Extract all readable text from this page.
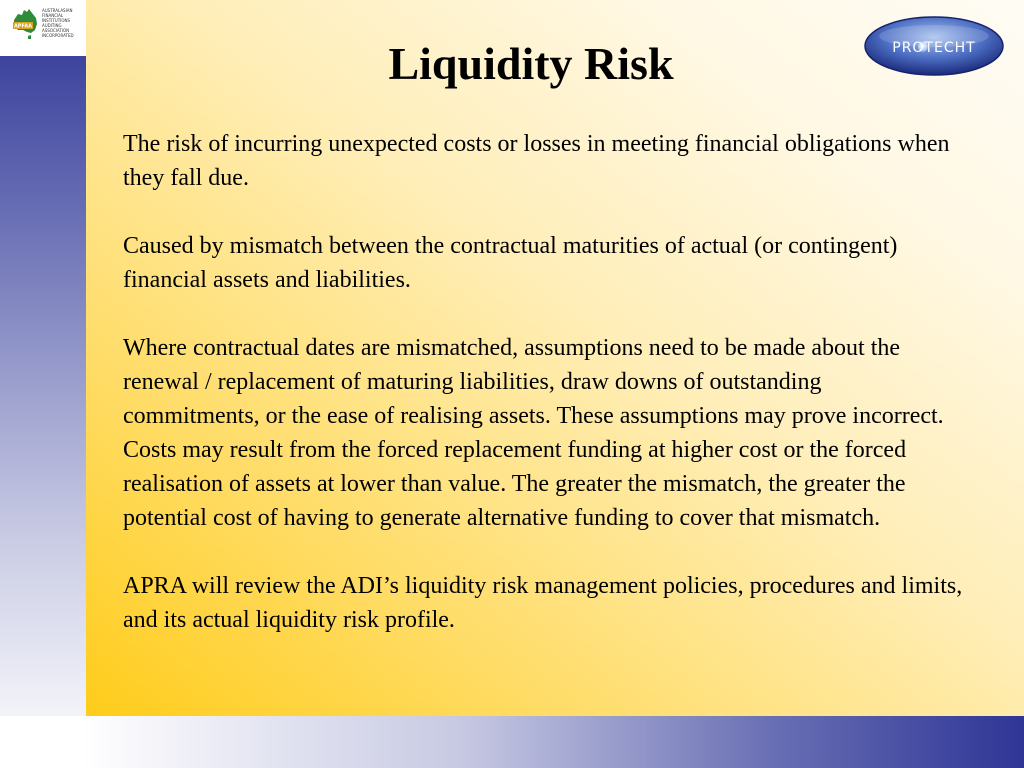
APFAA
AUSTRALASIAN FINANCIAL
INSTITUTIONS AUDITING
ASSOCIATION INCORPORATED
PROTECHT
Liquidity Risk

The risk of incurring unexpected costs or losses in meeting financial obligations when they fall due.

Caused by mismatch between the contractual maturities of actual (or contingent) financial assets and liabilities.

Where contractual dates are mismatched, assumptions need to be made about the renewal / replacement of maturing liabilities, draw downs of outstanding commitments, or the ease of realising assets. These assumptions may prove incorrect. Costs may result from the forced replacement funding at higher cost or the forced realisation of assets at lower than value. The greater the mismatch, the greater the potential cost of having to generate alternative funding to cover that mismatch.

APRA will review the ADI’s liquidity risk management policies, procedures and limits, and its actual liquidity risk profile.
